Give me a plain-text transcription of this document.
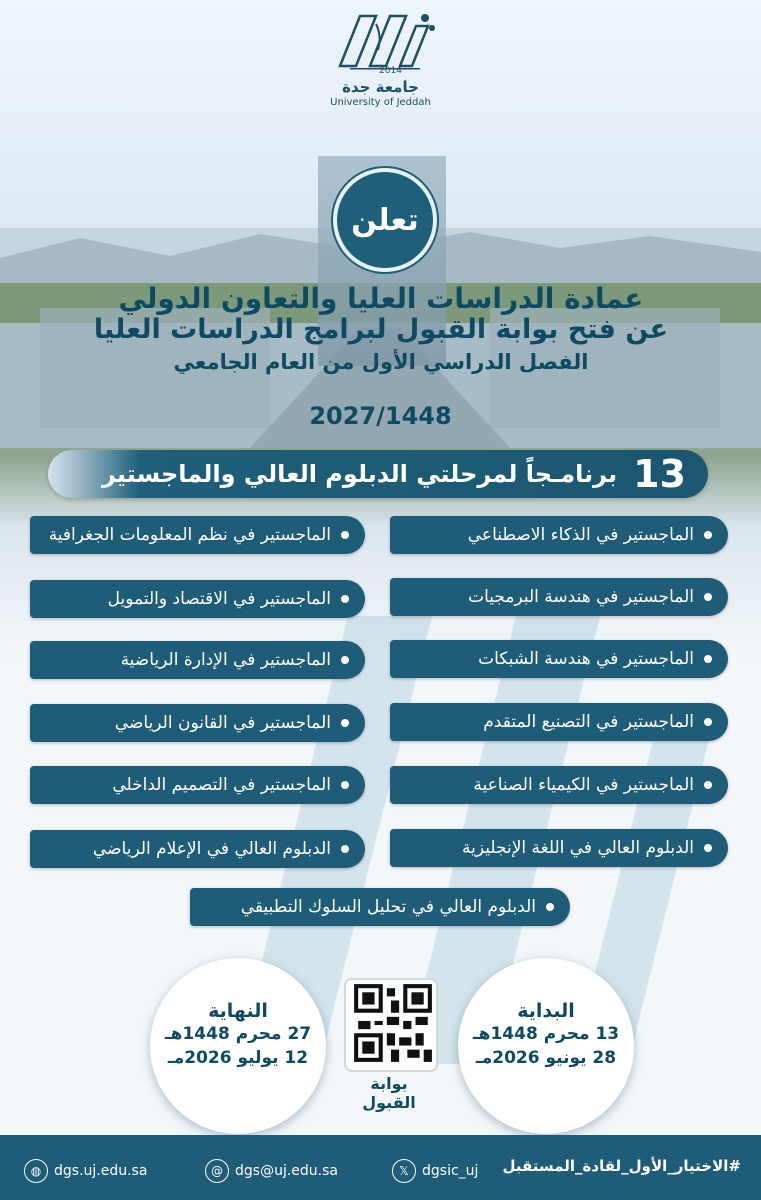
2014
جامعة جدة
University of Jeddah
تعلن
عمادة الدراسات العليا والتعاون الدولي
عن فتح بوابة القبول لبرامج الدراسات العليا
الفصل الدراسي الأول من العام الجامعي
2027/1448
13
برنامـجاً لمرحلتي الدبلوم العالي والماجستير
الماجستير في الذكاء الاصطناعي
الماجستير في هندسة البرمجيات
الماجستير في هندسة الشبكات
الماجستير في التصنيع المتقدم
الماجستير في الكيمياء الصناعية
الدبلوم العالي في اللغة الإنجليزية
الماجستير في نظم المعلومات الجغرافية
الماجستير في الاقتصاد والتمويل
الماجستير في الإدارة الرياضية
الماجستير في القانون الرياضي
الماجستير في التصميم الداخلي
الدبلوم العالي في الإعلام الرياضي
الدبلوم العالي في تحليل السلوك التطبيقي
البداية
13 محرم 1448هـ
28 يونيو 2026مـ
النهاية
27 محرم 1448هـ
12 يوليو 2026مـ
بوابة القبول
#الاختيار_الأول_لقادة_المستقبل
𝕏 dgsic_uj
@ dgs@uj.edu.sa
◍ dgs.uj.edu.sa
